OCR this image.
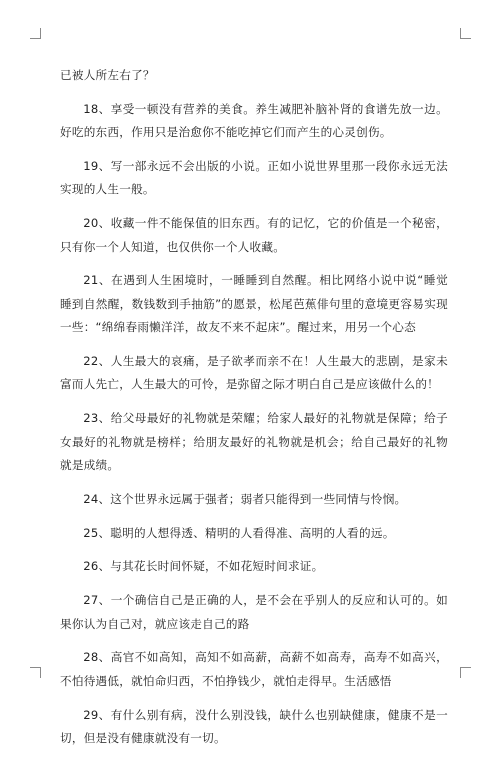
已被人所左右了？

18、享受一顿没有营养的美食。养生减肥补脑补肾的食谱先放一边。好吃的东西，作用只是治愈你不能吃掉它们而产生的心灵创伤。

19、写一部永远不会出版的小说。正如小说世界里那一段你永远无法实现的人生一般。

20、收藏一件不能保值的旧东西。有的记忆，它的价值是一个秘密，只有你一个人知道，也仅供你一个人收藏。

21、在遇到人生困境时，一睡睡到自然醒。相比网络小说中说“睡觉睡到自然醒，数钱数到手抽筋”的愿景，松尾芭蕉俳句里的意境更容易实现一些：“绵绵春雨懒洋洋，故友不来不起床”。醒过来，用另一个心态

22、人生最大的哀痛，是子欲孝而亲不在！人生最大的悲剧，是家未富而人先亡，人生最大的可怜，是弥留之际才明白自己是应该做什么的！

23、给父母最好的礼物就是荣耀；给家人最好的礼物就是保障；给子女最好的礼物就是榜样；给朋友最好的礼物就是机会；给自己最好的礼物就是成绩。

24、这个世界永远属于强者；弱者只能得到一些同情与怜悯。

25、聪明的人想得透、精明的人看得准、高明的人看的远。

26、与其花长时间怀疑，不如花短时间求证。

27、一个确信自己是正确的人，是不会在乎别人的反应和认可的。如果你认为自己对，就应该走自己的路

28、高官不如高知，高知不如高薪，高薪不如高寿，高寿不如高兴，不怕待遇低，就怕命归西，不怕挣钱少，就怕走得早。生活感悟

29、有什么别有病，没什么别没钱，缺什么也别缺健康，健康不是一切，但是没有健康就没有一切。
